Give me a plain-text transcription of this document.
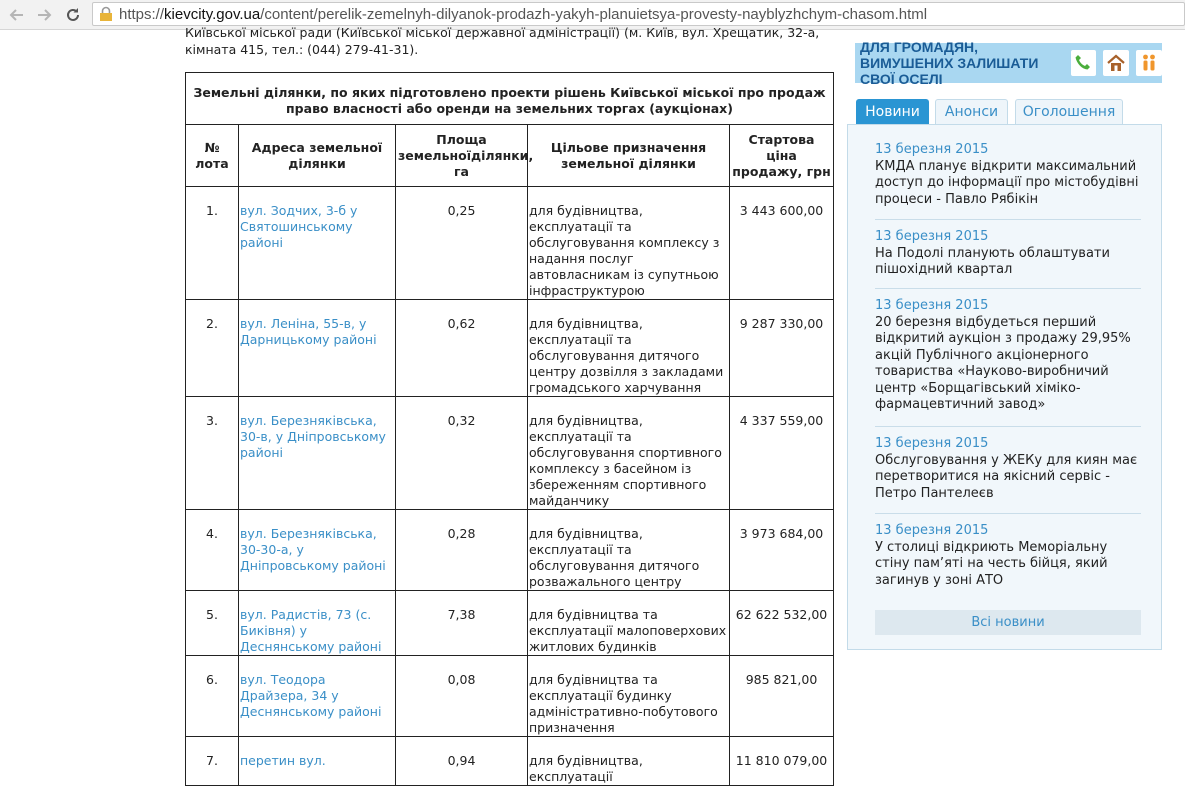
https://kievcity.gov.ua/content/perelik-zemelnyh-dilyanok-prodazh-yakyh-planuietsya-provesty-nayblyzhchym-chasom.html
Київської міської ради (Київської міської державної адміністрації) (м. Київ, вул. Хрещатик, 32-а,
кімната 415, тел.: (044) 279-41-31).
Земельні ділянки, по яких підготовлено проекти рішень Київської міської про продаж право власності або оренди на земельних торгах (аукціонах)				
№ лота	Адреса земельної ділянки	Площа земельноїділянки, га	Цільове призначення земельної ділянки	Стартова ціна продажу, грн
1.	вул. Зодчих, 3-б у Святошинському районі	0,25	для будівництва, експлуатації та обслуговування комплексу з надання послуг автовласникам із супутньою інфраструктурою	3 443 600,00
2.	вул. Леніна, 55-в, у Дарницькому районі	0,62	для будівництва, експлуатації та обслуговування дитячого центру дозвілля з закладами громадського харчування	9 287 330,00
3.	вул. Березняківська, 30-в, у Дніпровському районі	0,32	для будівництва, експлуатації та обслуговування спортивного комплексу з басейном із збереженням спортивного майданчику	4 337 559,00
4.	вул. Березняківська, 30-30-а, у Дніпровському районі	0,28	для будівництва, експлуатації та обслуговування дитячого розважального центру	3 973 684,00
5.	вул. Радистів, 73 (с. Биківня) у Деснянському районі	7,38	для будівництва та експлуатації малоповерхових житлових будинків	62 622 532,00
6.	вул. Теодора Драйзера, 34 у Деснянському районі	0,08	для будівництва та експлуатації будинку адміністративно-побутового призначення	985 821,00
7.	перетин вул.	0,94	для будівництва, експлуатації	11 810 079,00
ДЛЯ ГРОМАДЯН, ВИМУШЕНИХ ЗАЛИШАТИ СВОЇ ОСЕЛІ
Новини	Анонси	Оголошення
13 березня 2015
КМДА планує відкрити максимальний доступ до інформації про містобудівні процеси - Павло Рябікін
13 березня 2015
На Подолі планують облаштувати пішохідний квартал
13 березня 2015
20 березня відбудеться перший відкритий аукціон з продажу 29,95% акцій Публічного акціонерного товариства «Науково-виробничий центр «Борщагівський хіміко-фармацевтичний завод»
13 березня 2015
Обслуговування у ЖЕКу для киян має перетворитися на якісний сервіс - Петро Пантелеєв
13 березня 2015
У столиці відкриють Меморіальну стіну пам’яті на честь бійця, який загинув у зоні АТО
Всі новини
